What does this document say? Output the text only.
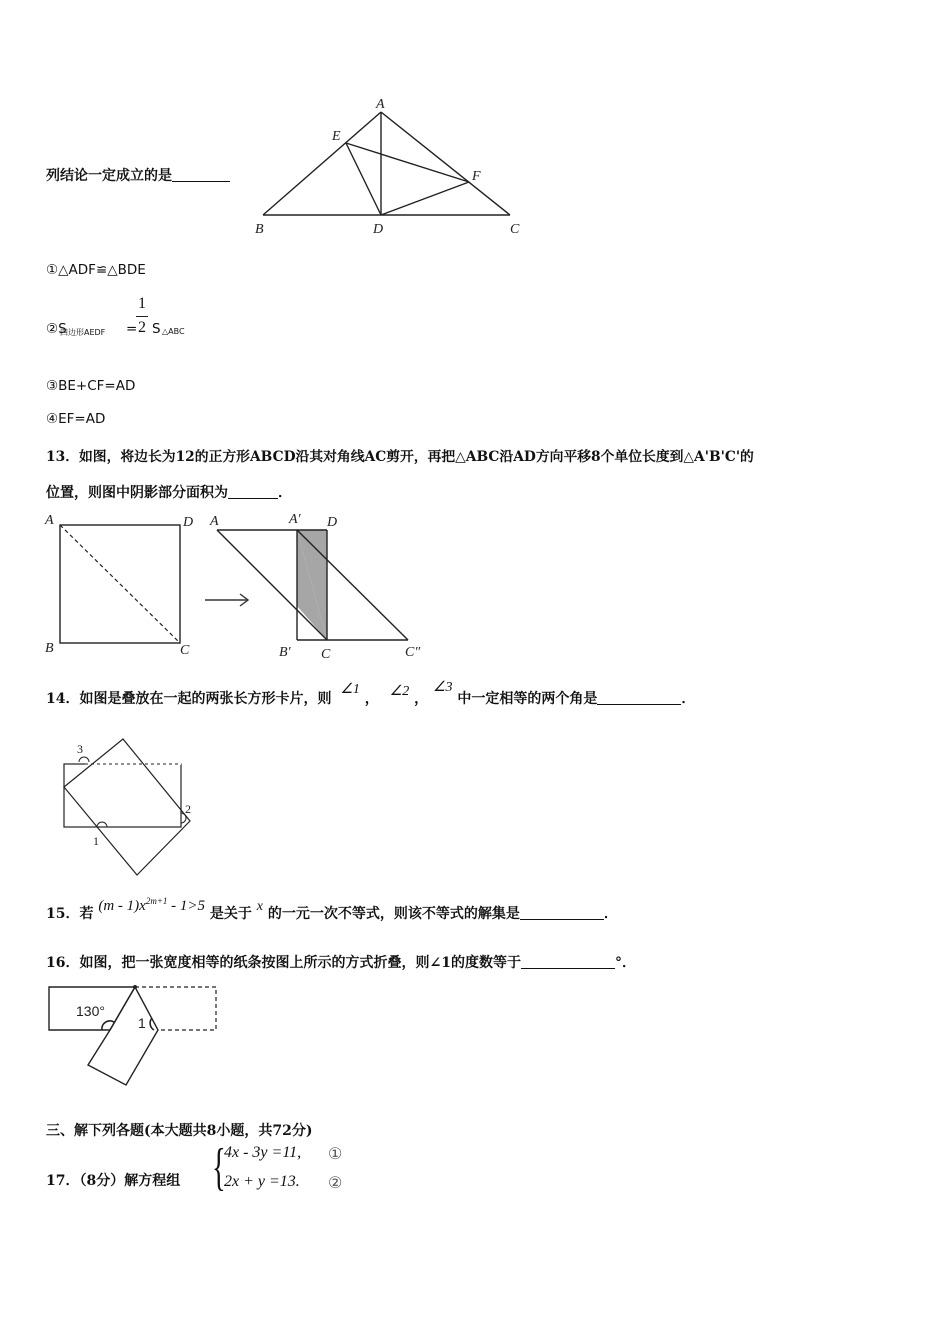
列结论一定成立的是
A
E
F
B	D	C
①△ADF≌△BDE
②S
四边形AEDF =
1
2 S △ABC
③BE+CF=AD
④EF=AD
13．如图，将边长为12的正方形ABCD沿其对角线AC剪开，再把△ABC沿AD方向平移8个单位长度到△A'B'C'的
位置，则图中阴影部分面积为	．
A	D
B	C
A	A′ D
B′ C	C″
14．如图是叠放在一起的两张长方形卡片，则 ∠1 ， ∠2 ， ∠3 中一定相等的两个角是	．
3
2
1
15．若 $(m - 1)x^{2m+1} - 1>5$ 是关于 x 的一元一次不等式，则该不等式的解集是	．
16．如图，把一张宽度相等的纸条按图上所示的方式折叠，则∠1的度数等于	°．
130°
1
三、解下列各题(本大题共8小题，共72分)
17．（8分）解方程组 {
4x - 3y =11, ①
2x + y =13. ②
